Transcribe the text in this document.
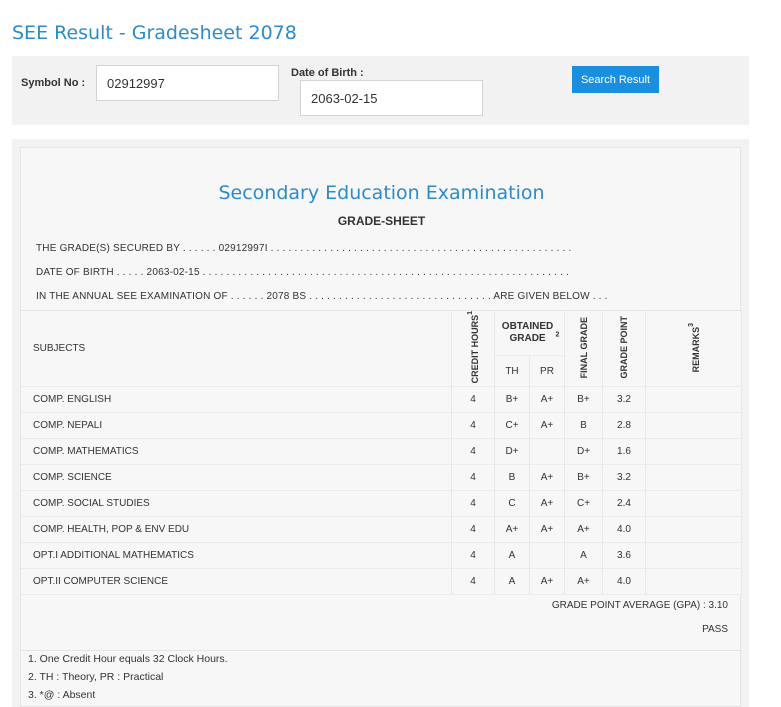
SEE Result - Gradesheet 2078
Symbol No :	02912997
Date of Birth :
2063-02-15
Search Result
Secondary Education Examination
GRADE-SHEET
THE GRADE(S) SECURED BY . . . . . . 02912997I . . . . . . . . . . . . . . . . . . . . . . . . . . . . . . . . . . . . . . . . . . . . . . . . . . .
DATE OF BIRTH . . . . . 2063-02-15 . . . . . . . . . . . . . . . . . . . . . . . . . . . . . . . . . . . . . . . . . . . . . . . . . . . . . . . . . . . . . .
IN THE ANNUAL SEE EXAMINATION OF . . . . . . 2078 BS . . . . . . . . . . . . . . . . . . . . . . . . . . . . . . . ARE GIVEN BELOW . . .
SUBJECTS	CREDIT HOURS$^1$	OBTAINED GRADE $^2$		FINAL GRADE	GRADE POINT	REMARKS$^3$
		TH	PR			
COMP. ENGLISH	4	B+	A+	B+	3.2	
COMP. NEPALI	4	C+	A+	B	2.8	
COMP. MATHEMATICS	4	D+		D+	1.6	
COMP. SCIENCE	4	B	A+	B+	3.2	
COMP. SOCIAL STUDIES	4	C	A+	C+	2.4	
COMP. HEALTH, POP & ENV EDU	4	A+	A+	A+	4.0	
OPT.I ADDITIONAL MATHEMATICS	4	A		A	3.6	
OPT.II COMPUTER SCIENCE	4	A	A+	A+	4.0	
GRADE POINT AVERAGE (GPA) : 3.10
PASS
1. One Credit Hour equals 32 Clock Hours.
2. TH : Theory, PR : Practical
3. *@ : Absent
